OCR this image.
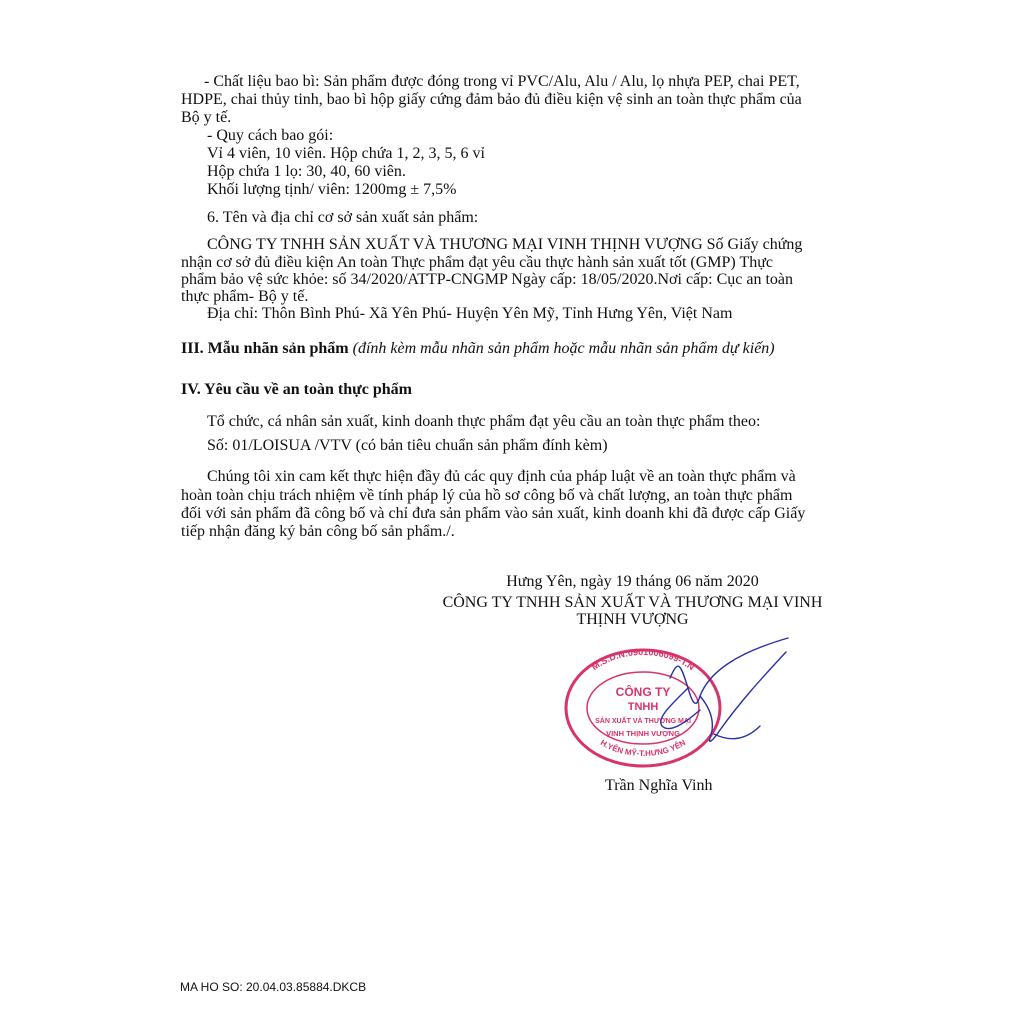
- Chất liệu bao bì: Sản phẩm được đóng trong vỉ PVC/Alu, Alu / Alu, lọ nhựa PEP, chai PET,
HDPE, chai thủy tinh, bao bì hộp giấy cứng đảm bảo đủ điều kiện vệ sinh an toàn thực phẩm của
Bộ y tế.
- Quy cách bao gói:
Vỉ 4 viên, 10 viên. Hộp chứa 1, 2, 3, 5, 6 vỉ
Hộp chứa 1 lọ: 30, 40, 60 viên.
Khối lượng tịnh/ viên: 1200mg ± 7,5%
6. Tên và địa chỉ cơ sở sản xuất sản phẩm:
CÔNG TY TNHH SẢN XUẤT VÀ THƯƠNG MẠI VINH THỊNH VƯỢNG Số Giấy chứng
nhận cơ sở đủ điều kiện An toàn Thực phẩm đạt yêu cầu thực hành sản xuất tốt (GMP) Thực
phẩm bảo vệ sức khỏe: số 34/2020/ATTP-CNGMP Ngày cấp: 18/05/2020.Nơi cấp: Cục an toàn
thực phẩm- Bộ y tế.
Địa chỉ: Thôn Bình Phú- Xã Yên Phú- Huyện Yên Mỹ, Tỉnh Hưng Yên, Việt Nam
III. Mẫu nhãn sản phẩm (đính kèm mẫu nhãn sản phẩm hoặc mẫu nhãn sản phẩm dự kiến)
IV. Yêu cầu về an toàn thực phẩm
Tổ chức, cá nhân sản xuất, kinh doanh thực phẩm đạt yêu cầu an toàn thực phẩm theo:
Số: 01/LOISUA /VTV (có bản tiêu chuẩn sản phẩm đính kèm)
Chúng tôi xin cam kết thực hiện đầy đủ các quy định của pháp luật về an toàn thực phẩm và
hoàn toàn chịu trách nhiệm về tính pháp lý của hồ sơ công bố và chất lượng, an toàn thực phẩm
đối với sản phẩm đã công bố và chỉ đưa sản phẩm vào sản xuất, kinh doanh khi đã được cấp Giấy
tiếp nhận đăng ký bản công bố sản phẩm./.
Hưng Yên, ngày 19 tháng 06 năm 2020
CÔNG TY TNHH SẢN XUẤT VÀ THƯƠNG MẠI VINH
THỊNH VƯỢNG
M.S.D.N:0901006099-T.N
H.YÊN MỸ-T.HƯNG YÊN
CÔNG TY
TNHH
SẢN XUẤT VÀ THƯƠNG MẠI
VINH THỊNH VƯỢNG
Trần Nghĩa Vinh
MA HO SO: 20.04.03.85884.DKCB
